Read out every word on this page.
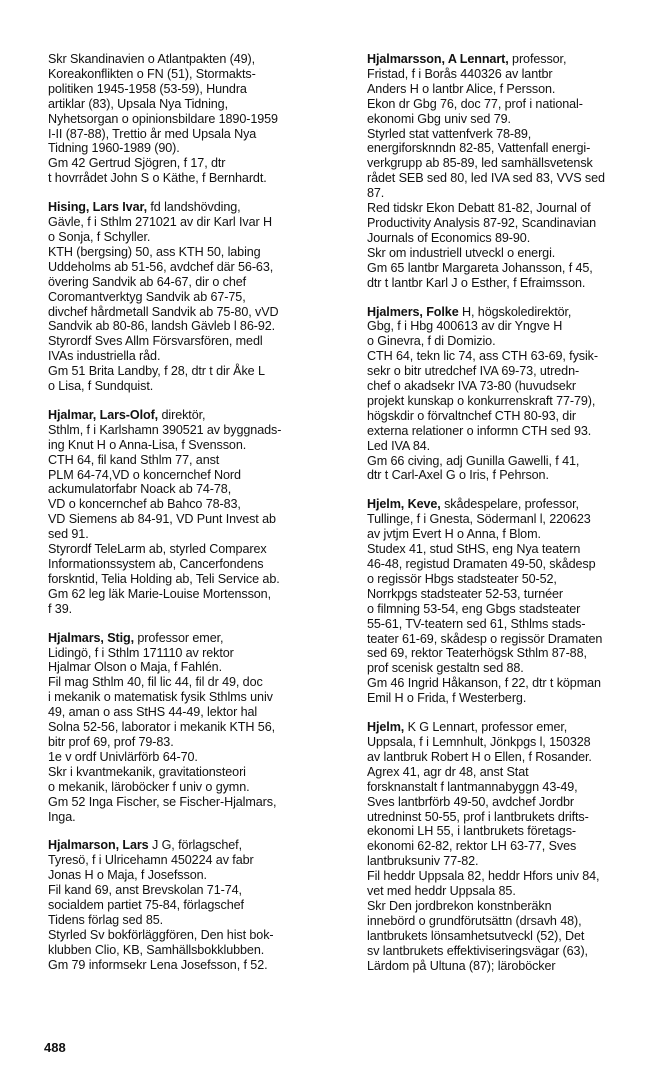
Skr Skandinavien o Atlantpakten (49),
Koreakonflikten o FN (51), Stormakts-
politiken 1945-1958 (53-59), Hundra
artiklar (83), Upsala Nya Tidning,
Nyhetsorgan o opinionsbildare 1890-1959
I-II (87-88), Trettio år med Upsala Nya
Tidning 1960-1989 (90).
Gm 42 Gertrud Sjögren, f 17, dtr
t hovrrådet John S o Käthe, f Bernhardt.
Hising, Lars Ivar, fd landshövding,
Gävle, f i Sthlm 271021 av dir Karl Ivar H
o Sonja, f Schyller.
KTH (bergsing) 50, ass KTH 50, labing
Uddeholms ab 51-56, avdchef där 56-63,
övering Sandvik ab 64-67, dir o chef
Coromantverktyg Sandvik ab 67-75,
divchef hårdmetall Sandvik ab 75-80, vVD
Sandvik ab 80-86, landsh Gävleb l 86-92.
Styrordf Sves Allm Försvarsfören, medl
IVAs industriella råd.
Gm 51 Brita Landby, f 28, dtr t dir Åke L
o Lisa, f Sundquist.
Hjalmar, Lars-Olof, direktör,
Sthlm, f i Karlshamn 390521 av byggnads-
ing Knut H o Anna-Lisa, f Svensson.
CTH 64, fil kand Sthlm 77, anst
PLM 64-74,VD o koncernchef Nord
ackumulatorfabr Noack ab 74-78,
VD o koncernchef ab Bahco 78-83,
VD Siemens ab 84-91, VD Punt Invest ab
sed 91.
Styrordf TeleLarm ab, styrled Comparex
Informationssystem ab, Cancerfondens
forskntid, Telia Holding ab, Teli Service ab.
Gm 62 leg läk Marie-Louise Mortensson,
f 39.
Hjalmars, Stig, professor emer,
Lidingö, f i Sthlm 171110 av rektor
Hjalmar Olson o Maja, f Fahlén.
Fil mag Sthlm 40, fil lic 44, fil dr 49, doc
i mekanik o matematisk fysik Sthlms univ
49, aman o ass StHS 44-49, lektor hal
Solna 52-56, laborator i mekanik KTH 56,
bitr prof 69, prof 79-83.
1e v ordf Univlärförb 64-70.
Skr i kvantmekanik, gravitationsteori
o mekanik, läroböcker f univ o gymn.
Gm 52 Inga Fischer, se Fischer-Hjalmars,
Inga.
Hjalmarson, Lars J G, förlagschef,
Tyresö, f i Ulricehamn 450224 av fabr
Jonas H o Maja, f Josefsson.
Fil kand 69, anst Brevskolan 71-74,
socialdem partiet 75-84, förlagschef
Tidens förlag sed 85.
Styrled Sv bokförläggfören, Den hist bok-
klubben Clio, KB, Samhällsbokklubben.
Gm 79 informsekr Lena Josefsson, f 52.
Hjalmarsson, A Lennart, professor,
Fristad, f i Borås 440326 av lantbr
Anders H o lantbr Alice, f Persson.
Ekon dr Gbg 76, doc 77, prof i national-
ekonomi Gbg univ sed 79.
Styrled stat vattenfverk 78-89,
energiforsknndn 82-85, Vattenfall energi-
verkgrupp ab 85-89, led samhällsvetensk
rådet SEB sed 80, led IVA sed 83, VVS sed
87.
Red tidskr Ekon Debatt 81-82, Journal of
Productivity Analysis 87-92, Scandinavian
Journals of Economics 89-90.
Skr om industriell utveckl o energi.
Gm 65 lantbr Margareta Johansson, f 45,
dtr t lantbr Karl J o Esther, f Efraimsson.
Hjalmers, Folke H, högskoledirektör,
Gbg, f i Hbg 400613 av dir Yngve H
o Ginevra, f di Domizio.
CTH 64, tekn lic 74, ass CTH 63-69, fysik-
sekr o bitr utredchef IVA 69-73, utredn-
chef o akadsekr IVA 73-80 (huvudsekr
projekt kunskap o konkurrenskraft 77-79),
högskdir o förvaltnchef CTH 80-93, dir
externa relationer o informn CTH sed 93.
Led IVA 84.
Gm 66 civing, adj Gunilla Gawelli, f 41,
dtr t Carl-Axel G o Iris, f Pehrson.
Hjelm, Keve, skådespelare, professor,
Tullinge, f i Gnesta, Södermanl l, 220623
av jvtjm Evert H o Anna, f Blom.
Studex 41, stud StHS, eng Nya teatern
46-48, registud Dramaten 49-50, skådesp
o regissör Hbgs stadsteater 50-52,
Norrkpgs stadsteater 52-53, turnéer
o filmning 53-54, eng Gbgs stadsteater
55-61, TV-teatern sed 61, Sthlms stads-
teater 61-69, skådesp o regissör Dramaten
sed 69, rektor Teaterhögsk Sthlm 87-88,
prof scenisk gestaltn sed 88.
Gm 46 Ingrid Håkanson, f 22, dtr t köpman
Emil H o Frida, f Westerberg.
Hjelm, K G Lennart, professor emer,
Uppsala, f i Lemnhult, Jönkpgs l, 150328
av lantbruk Robert H o Ellen, f Rosander.
Agrex 41, agr dr 48, anst Stat
forsknanstalt f lantmannabyggn 43-49,
Sves lantbrförb 49-50, avdchef Jordbr
utredninst 50-55, prof i lantbrukets drifts-
ekonomi LH 55, i lantbrukets företags-
ekonomi 62-82, rektor LH 63-77, Sves
lantbruksuniv 77-82.
Fil heddr Uppsala 82, heddr Hfors univ 84,
vet med heddr Uppsala 85.
Skr Den jordbrekon konstnberäkn
innebörd o grundförutsättn (drsavh 48),
lantbrukets lönsamhetsutveckl (52), Det
sv lantbrukets effektiviseringsvägar (63),
Lärdom på Ultuna (87); läroböcker
488
